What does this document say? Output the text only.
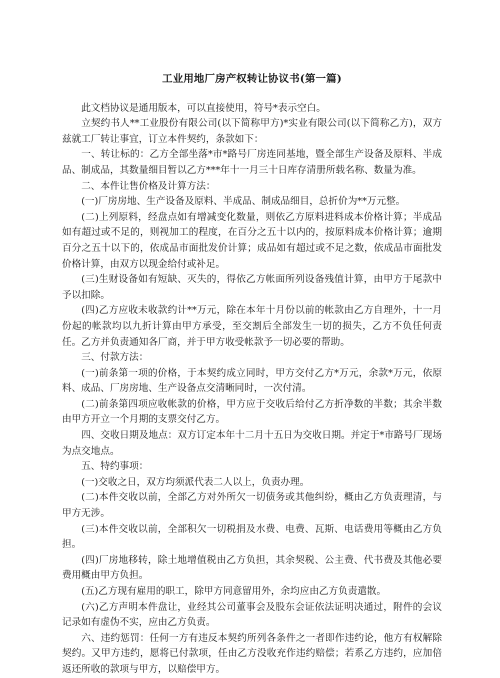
工业用地厂房产权转让协议书(第一篇)

此文档协议是通用版本，可以直接使用，符号*表示空白。

立契约书人**工业股份有限公司(以下简称甲方)*实业有限公司(以下简称乙方)，双方兹就工厂转让事宜，订立本件契约，条款如下：

一、转让标的：乙方全部坐落*市*路号厂房连同基地，暨全部生产设备及原料、半成品、制成品，其数量细目暂以乙方***年十一月三十日库存清册所载名称、数量为准。

二、本件让售价格及计算方法：

(一)厂房房地、生产设备及原料、半成品、制成品细目，总折价为**万元整。

(二)上列原料，经盘点如有增减变化数量，则依乙方原料进料成本价格计算；半成品如有超过或不足的，则视加工的程度，在百分之五十以内的，按原料成本价格计算；逾期百分之五十以下的，依成品市面批发价计算；成品如有超过或不足之数，依成品市面批发价格计算，由双方以现金给付或补足。

(三)生财设备如有短缺、灭失的，得依乙方帐面所列设备残值计算，由甲方于尾款中予以扣除。

(四)乙方应收未收款约计**万元，除在本年十月份以前的帐款由乙方自理外，十一月份起的帐款均以九折计算由甲方承受，至交割后全部发生一切的损失，乙方不负任何责任。乙方并负责通知各厂商，并于甲方收受帐款予一切必要的帮助。

三、付款方法：

(一)前条第一项的价格，于本契约成立同时，甲方交付乙方*万元，余款*万元，依原料、成品、厂房房地、生产设备点交清晰同时，一次付清。

(二)前条第四项应收帐款的价格，甲方应于交收后给付乙方折净数的半数；其余半数由甲方开立一个月期的支票交付乙方。

四、交收日期及地点：双方订定本年十二月十五日为交收日期。并定于*市路号厂现场为点交地点。

五、特约事项：

(一)交收之日，双方均须派代表二人以上，负责办理。

(二)本件交收以前，全部乙方对外所欠一切债务或其他纠纷，概由乙方负责理清，与甲方无涉。

(三)本件交收以前，全部积欠一切税捐及水费、电费、瓦斯、电话费用等概由乙方负担。

(四)厂房地移转，除土地增值税由乙方负担，其余契税、公主费、代书费及其他必要费用概由甲方负担。

(五)乙方现有雇用的职工，除甲方同意留用外，余均应由乙方负责遣散。

(六)乙方声明本件盘让，业经其公司董事会及股东会证依法证明决通过，附件的会议记录如有虚伪不实，应由乙方负责。

六、违约惩罚：任何一方有违反本契约所列各条件之一者即作违约论，他方有权解除契约。又甲方违约，愿将已付款项，任由乙方没收充作违约赔偿；若系乙方违约，应加倍返还所收的款项与甲方，以赔偿甲方。
